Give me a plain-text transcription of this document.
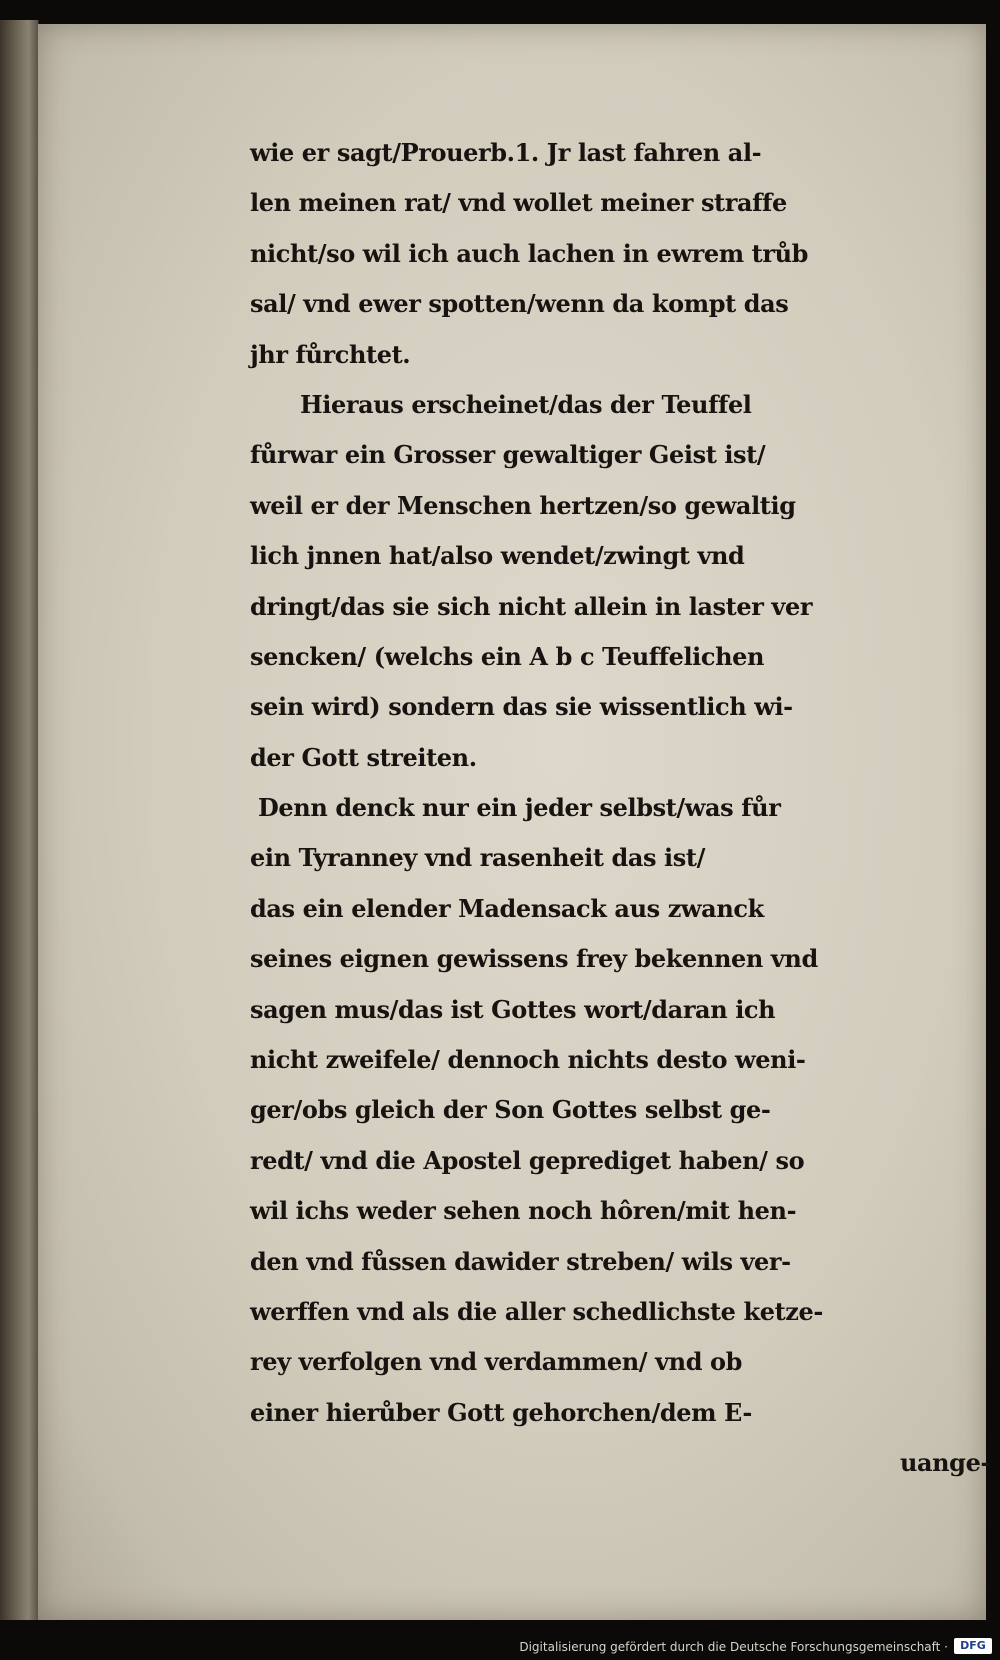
wie er sagt/Prouerb.1. Jr last fahren al-
len meinen rat/ vnd wollet meiner straffe
nicht/so wil ich auch lachen in ewrem trůb
sal/ vnd ewer spotten/wenn da kompt das
jhr fůrchtet.
Hieraus erscheinet/das der Teuffel
fůrwar ein Grosser gewaltiger Geist ist/
weil er der Menschen hertzen/so gewaltig
lich jnnen hat/also wendet/zwingt vnd
dringt/das sie sich nicht allein in laster ver
sencken/ (welchs ein A b c Teuffelichen
sein wird) sondern das sie wissentlich wi-
der Gott streiten.
Denn denck nur ein jeder selbst/was fůr
ein Tyranney vnd rasenheit das ist/
das ein elender Madensack aus zwanck
seines eignen gewissens frey bekennen vnd
sagen mus/das ist Gottes wort/daran ich
nicht zweifele/ dennoch nichts desto weni-
ger/obs gleich der Son Gottes selbst ge-
redt/ vnd die Apostel geprediget haben/ so
wil ichs weder sehen noch hôren/mit hen-
den vnd fůssen dawider streben/ wils ver-
werffen vnd als die aller schedlichste ketze-
rey verfolgen vnd verdammen/ vnd ob
einer hierůber Gott gehorchen/dem E-
uange-
Digitalisierung gefördert durch die Deutsche Forschungsgemeinschaft ·	DFG
